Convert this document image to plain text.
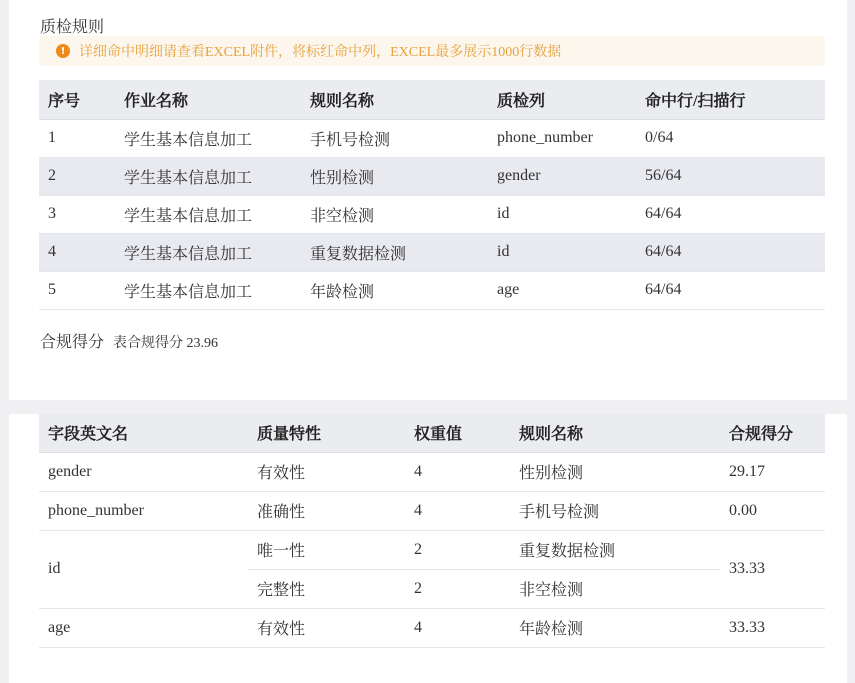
质检规则
! 详细命中明细请查看EXCEL附件，将标红命中列，EXCEL最多展示1000行数据
序号	作业名称	规则名称	质检列	命中行/扫描行
1	学生基本信息加工	手机号检测	phone_number	0/64
2	学生基本信息加工	性别检测	gender	56/64
3	学生基本信息加工	非空检测	id	64/64
4	学生基本信息加工	重复数据检测	id	64/64
5	学生基本信息加工	年龄检测	age	64/64
合规得分 表合规得分 23.96
字段英文名	质量特性	权重值	规则名称	合规得分
gender	有效性	4	性别检测	29.17
phone_number	准确性	4	手机号检测	0.00
id	唯一性	2	重复数据检测	33.33
	完整性	2	非空检测	
age	有效性	4	年龄检测	33.33
